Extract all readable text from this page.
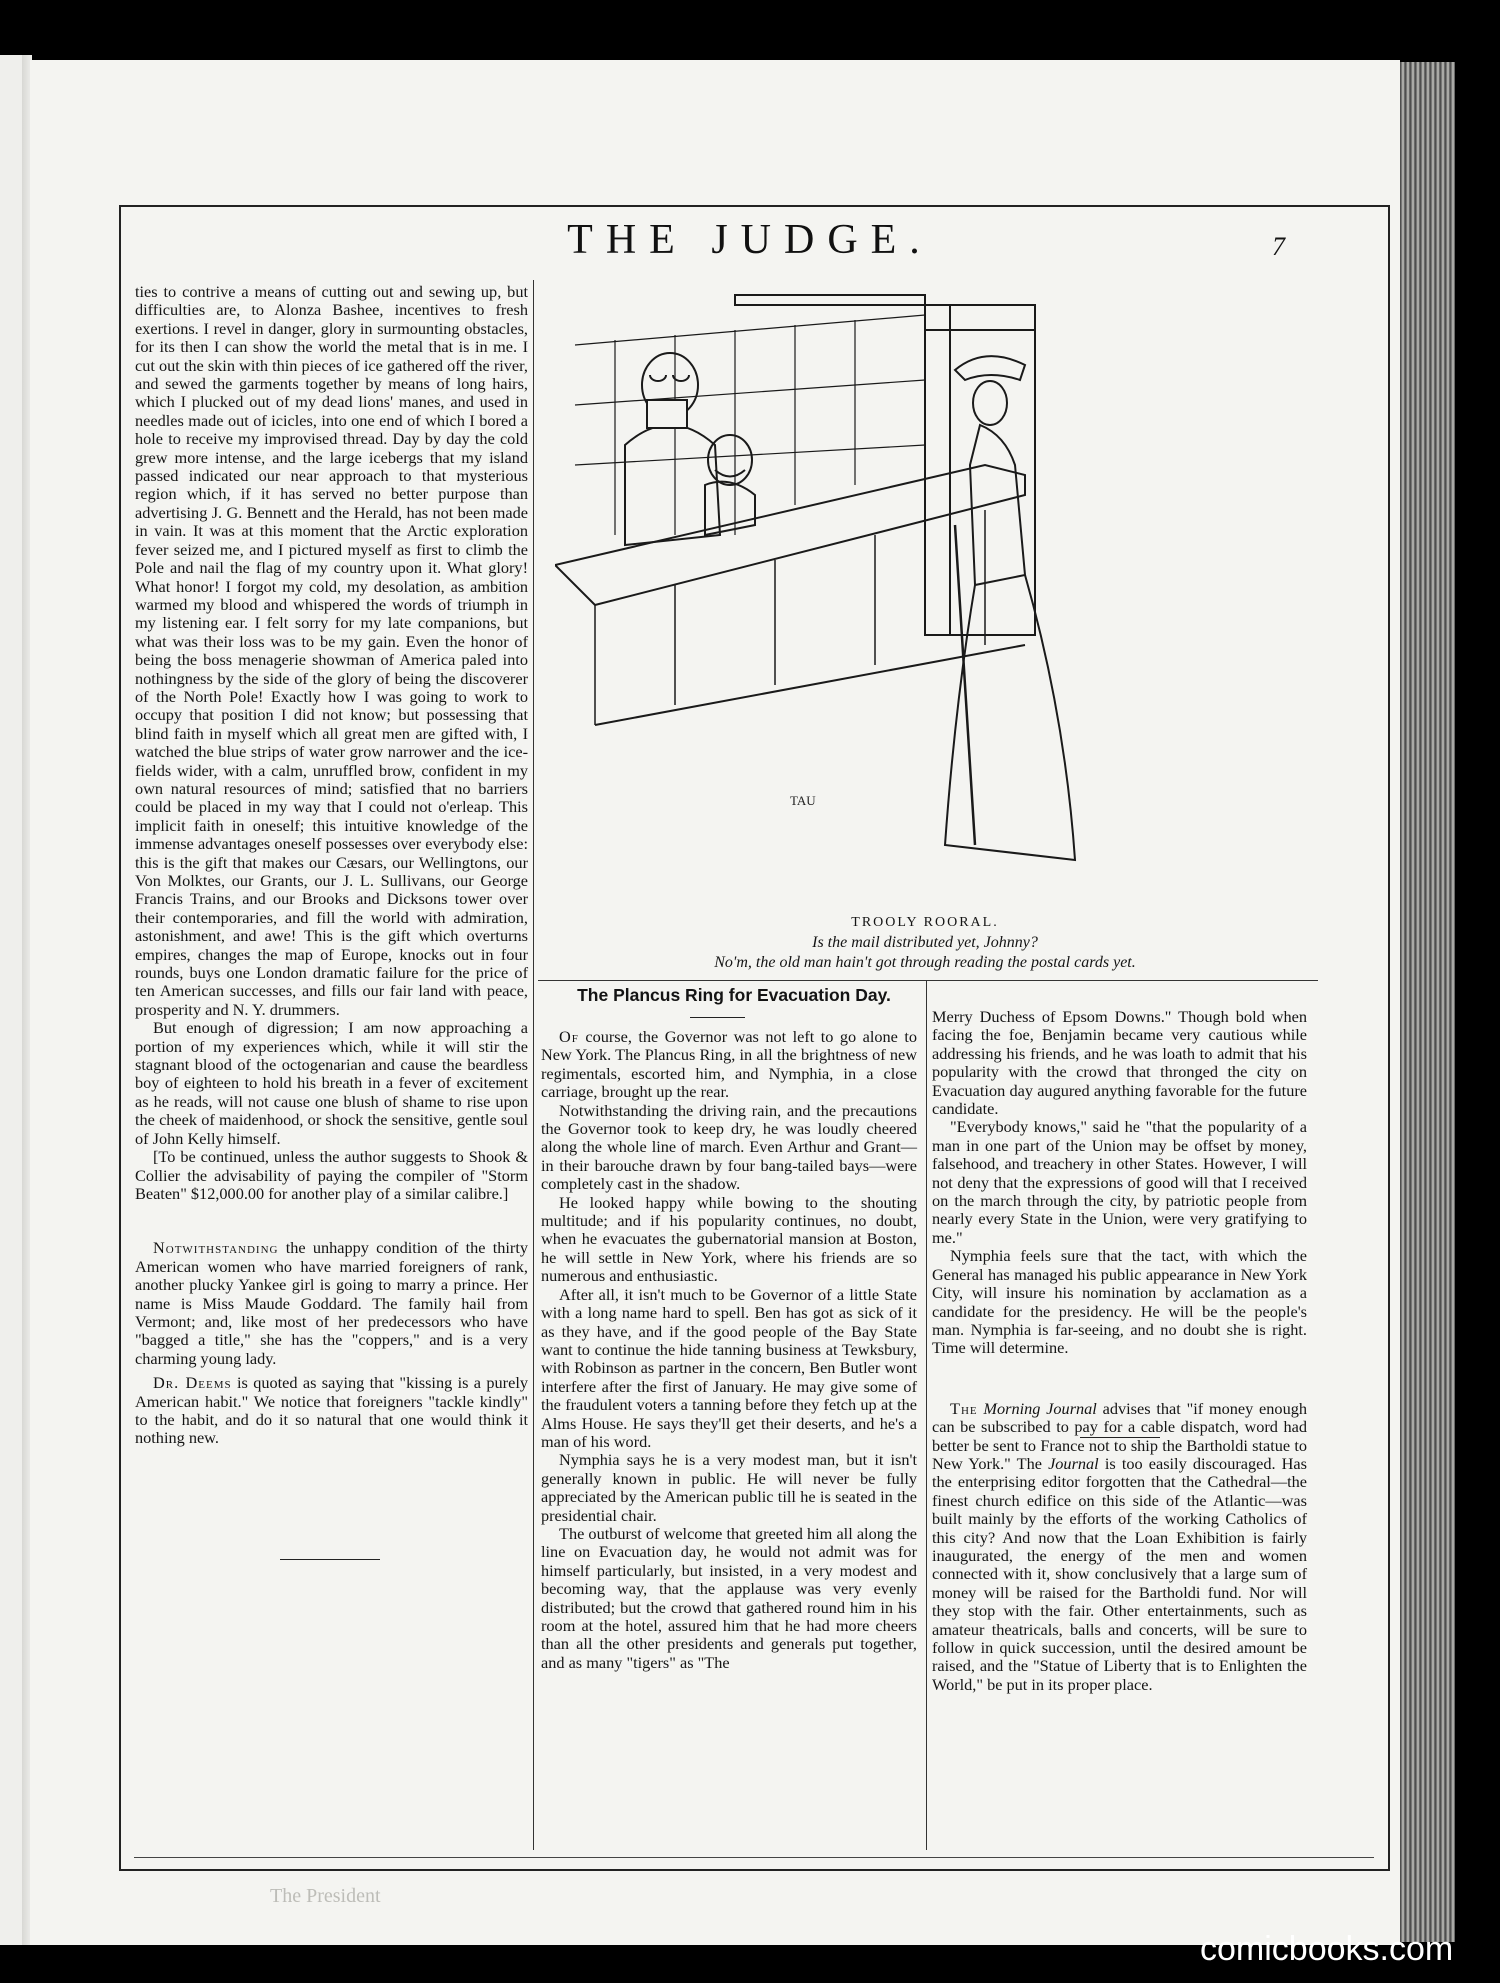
THE JUDGE.	7

ties to contrive a means of cutting out and sewing up, but difficulties are, to Alonza Bashee, incentives to fresh exertions. I revel in danger, glory in surmounting obstacles, for its then I can show the world the metal that is in me. I cut out the skin with thin pieces of ice gathered off the river, and sewed the garments together by means of long hairs, which I plucked out of my dead lions' manes, and used in needles made out of icicles, into one end of which I bored a hole to receive my improvised thread. Day by day the cold grew more intense, and the large icebergs that my island passed indicated our near approach to that mysterious region which, if it has served no better purpose than advertising J. G. Bennett and the Herald, has not been made in vain. It was at this moment that the Arctic exploration fever seized me, and I pictured myself as first to climb the Pole and nail the flag of my country upon it. What glory! What honor! I forgot my cold, my desolation, as ambition warmed my blood and whispered the words of triumph in my listening ear. I felt sorry for my late companions, but what was their loss was to be my gain. Even the honor of being the boss menagerie showman of America paled into nothingness by the side of the glory of being the discoverer of the North Pole! Exactly how I was going to work to occupy that position I did not know; but possessing that blind faith in myself which all great men are gifted with, I watched the blue strips of water grow narrower and the ice-fields wider, with a calm, unruffled brow, confident in my own natural resources of mind; satisfied that no barriers could be placed in my way that I could not o'erleap. This implicit faith in oneself; this intuitive knowledge of the immense advantages oneself possesses over everybody else: this is the gift that makes our Cæsars, our Wellingtons, our Von Molktes, our Grants, our J. L. Sullivans, our George Francis Trains, and our Brooks and Dicksons tower over their contemporaries, and fill the world with admiration, astonishment, and awe! This is the gift which overturns empires, changes the map of Europe, knocks out in four rounds, buys one London dramatic failure for the price of ten American successes, and fills our fair land with peace, prosperity and N. Y. drummers.

But enough of digression; I am now approaching a portion of my experiences which, while it will stir the stagnant blood of the octogenarian and cause the beardless boy of eighteen to hold his breath in a fever of excitement as he reads, will not cause one blush of shame to rise upon the cheek of maidenhood, or shock the sensitive, gentle soul of John Kelly himself.

[To be continued, unless the author suggests to Shook & Collier the advisability of paying the compiler of "Storm Beaten" $12,000.00 for another play of a similar calibre.]

Notwithstanding the unhappy condition of the thirty American women who have married foreigners of rank, another plucky Yankee girl is going to marry a prince. Her name is Miss Maude Goddard. The family hail from Vermont; and, like most of her predecessors who have "bagged a title," she has the "coppers," and is a very charming young lady.

Dr. Deems is quoted as saying that "kissing is a purely American habit." We notice that foreigners "tackle kindly" to the habit, and do it so natural that one would think it nothing new.

TAU
TROOLY ROORAL.
Is the mail distributed yet, Johnny?
No'm, the old man hain't got through reading the postal cards yet.
The Plancus Ring for Evacuation Day.

Of course, the Governor was not left to go alone to New York. The Plancus Ring, in all the brightness of new regimentals, escorted him, and Nymphia, in a close carriage, brought up the rear.

Notwithstanding the driving rain, and the precautions the Governor took to keep dry, he was loudly cheered along the whole line of march. Even Arthur and Grant—in their barouche drawn by four bang-tailed bays—were completely cast in the shadow.

He looked happy while bowing to the shouting multitude; and if his popularity continues, no doubt, when he evacuates the gubernatorial mansion at Boston, he will settle in New York, where his friends are so numerous and enthusiastic.

After all, it isn't much to be Governor of a little State with a long name hard to spell. Ben has got as sick of it as they have, and if the good people of the Bay State want to continue the hide tanning business at Tewksbury, with Robinson as partner in the concern, Ben Butler wont interfere after the first of January. He may give some of the fraudulent voters a tanning before they fetch up at the Alms House. He says they'll get their deserts, and he's a man of his word.

Nymphia says he is a very modest man, but it isn't generally known in public. He will never be fully appreciated by the American public till he is seated in the presidential chair.

The outburst of welcome that greeted him all along the line on Evacuation day, he would not admit was for himself particularly, but insisted, in a very modest and becoming way, that the applause was very evenly distributed; but the crowd that gathered round him in his room at the hotel, assured him that he had more cheers than all the other presidents and generals put together, and as many "tigers" as "The

Merry Duchess of Epsom Downs." Though bold when facing the foe, Benjamin became very cautious while addressing his friends, and he was loath to admit that his popularity with the crowd that thronged the city on Evacuation day augured anything favorable for the future candidate.

"Everybody knows," said he "that the popularity of a man in one part of the Union may be offset by money, falsehood, and treachery in other States. However, I will not deny that the expressions of good will that I received on the march through the city, by patriotic people from nearly every State in the Union, were very gratifying to me."

Nymphia feels sure that the tact, with which the General has managed his public appearance in New York City, will insure his nomination by acclamation as a candidate for the presidency. He will be the people's man. Nymphia is far-seeing, and no doubt she is right. Time will determine.

The Morning Journal advises that "if money enough can be subscribed to pay for a cable dispatch, word had better be sent to France not to ship the Bartholdi statue to New York." The Journal is too easily discouraged. Has the enterprising editor forgotten that the Cathedral—the finest church edifice on this side of the Atlantic—was built mainly by the efforts of the working Catholics of this city? And now that the Loan Exhibition is fairly inaugurated, the energy of the men and women connected with it, show conclusively that a large sum of money will be raised for the Bartholdi fund. Nor will they stop with the fair. Other entertainments, such as amateur theatricals, balls and concerts, will be sure to follow in quick succession, until the desired amount be raised, and the "Statue of Liberty that is to Enlighten the World," be put in its proper place.

The President
comicbooks.com
